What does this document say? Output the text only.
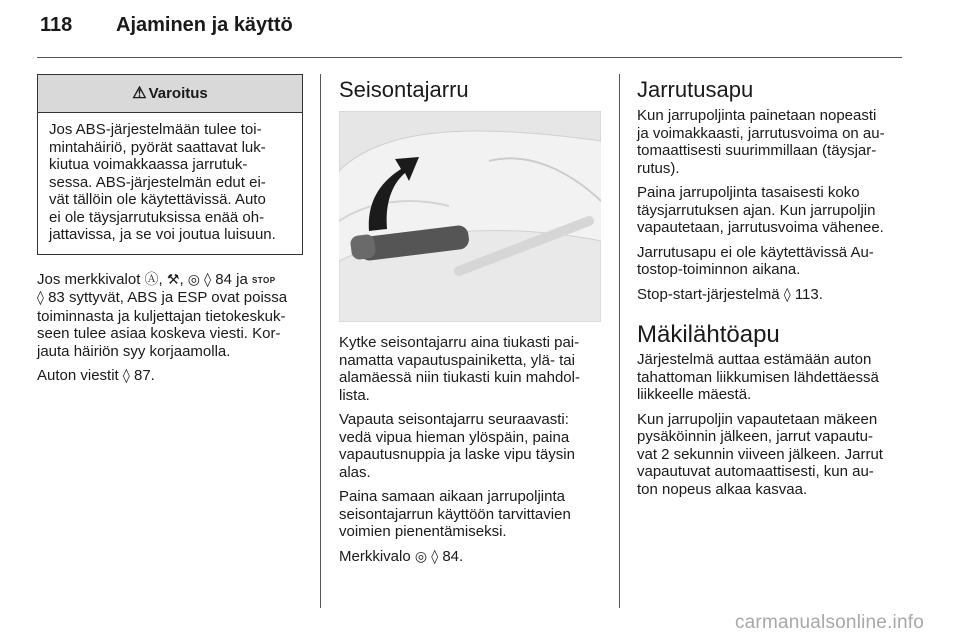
118 Ajaminen ja käyttö
⚠ Varoitus
Jos ABS-järjestelmään tulee toi-
mintahäiriö, pyörät saattavat luk-
kiutua voimakkaassa jarrutuk-
sessa. ABS-järjestelmän edut ei-
vät tällöin ole käytettävissä. Auto
ei ole täysjarrutuksissa enää oh-
jattavissa, ja se voi joutua luisuun.

Jos merkkivalot Ⓐ, ⚒, ◎ ◊ 84 ja STOP
◊ 83 syttyvät, ABS ja ESP ovat poissa
toiminnasta ja kuljettajan tietokeskuk-
seen tulee asiaa koskeva viesti. Kor-
jauta häiriön syy korjaamolla.

Auton viestit ◊ 87.

Seisontajarru

Kytke seisontajarru aina tiukasti pai-
namatta vapautuspainiketta, ylä- tai
alamäessä niin tiukasti kuin mahdol-
lista.

Vapauta seisontajarru seuraavasti:
vedä vipua hieman ylöspäin, paina
vapautusnuppia ja laske vipu täysin
alas.

Paina samaan aikaan jarrupoljinta
seisontajarrun käyttöön tarvittavien
voimien pienentämiseksi.

Merkkivalo ◎ ◊ 84.

Jarrutusapu

Kun jarrupoljinta painetaan nopeasti
ja voimakkaasti, jarrutusvoima on au-
tomaattisesti suurimmillaan (täysjar-
rutus).

Paina jarrupoljinta tasaisesti koko
täysjarrutuksen ajan. Kun jarrupoljin
vapautetaan, jarrutusvoima vähenee.

Jarrutusapu ei ole käytettävissä Au-
tostop-toiminnon aikana.

Stop-start-järjestelmä ◊ 113.

Mäkilähtöapu

Järjestelmä auttaa estämään auton
tahattoman liikkumisen lähdettäessä
liikkeelle mäestä.

Kun jarrupoljin vapautetaan mäkeen
pysäköinnin jälkeen, jarrut vapautu-
vat 2 sekunnin viiveen jälkeen. Jarrut
vapautuvat automaattisesti, kun au-
ton nopeus alkaa kasvaa.

carmanualsonline.info
